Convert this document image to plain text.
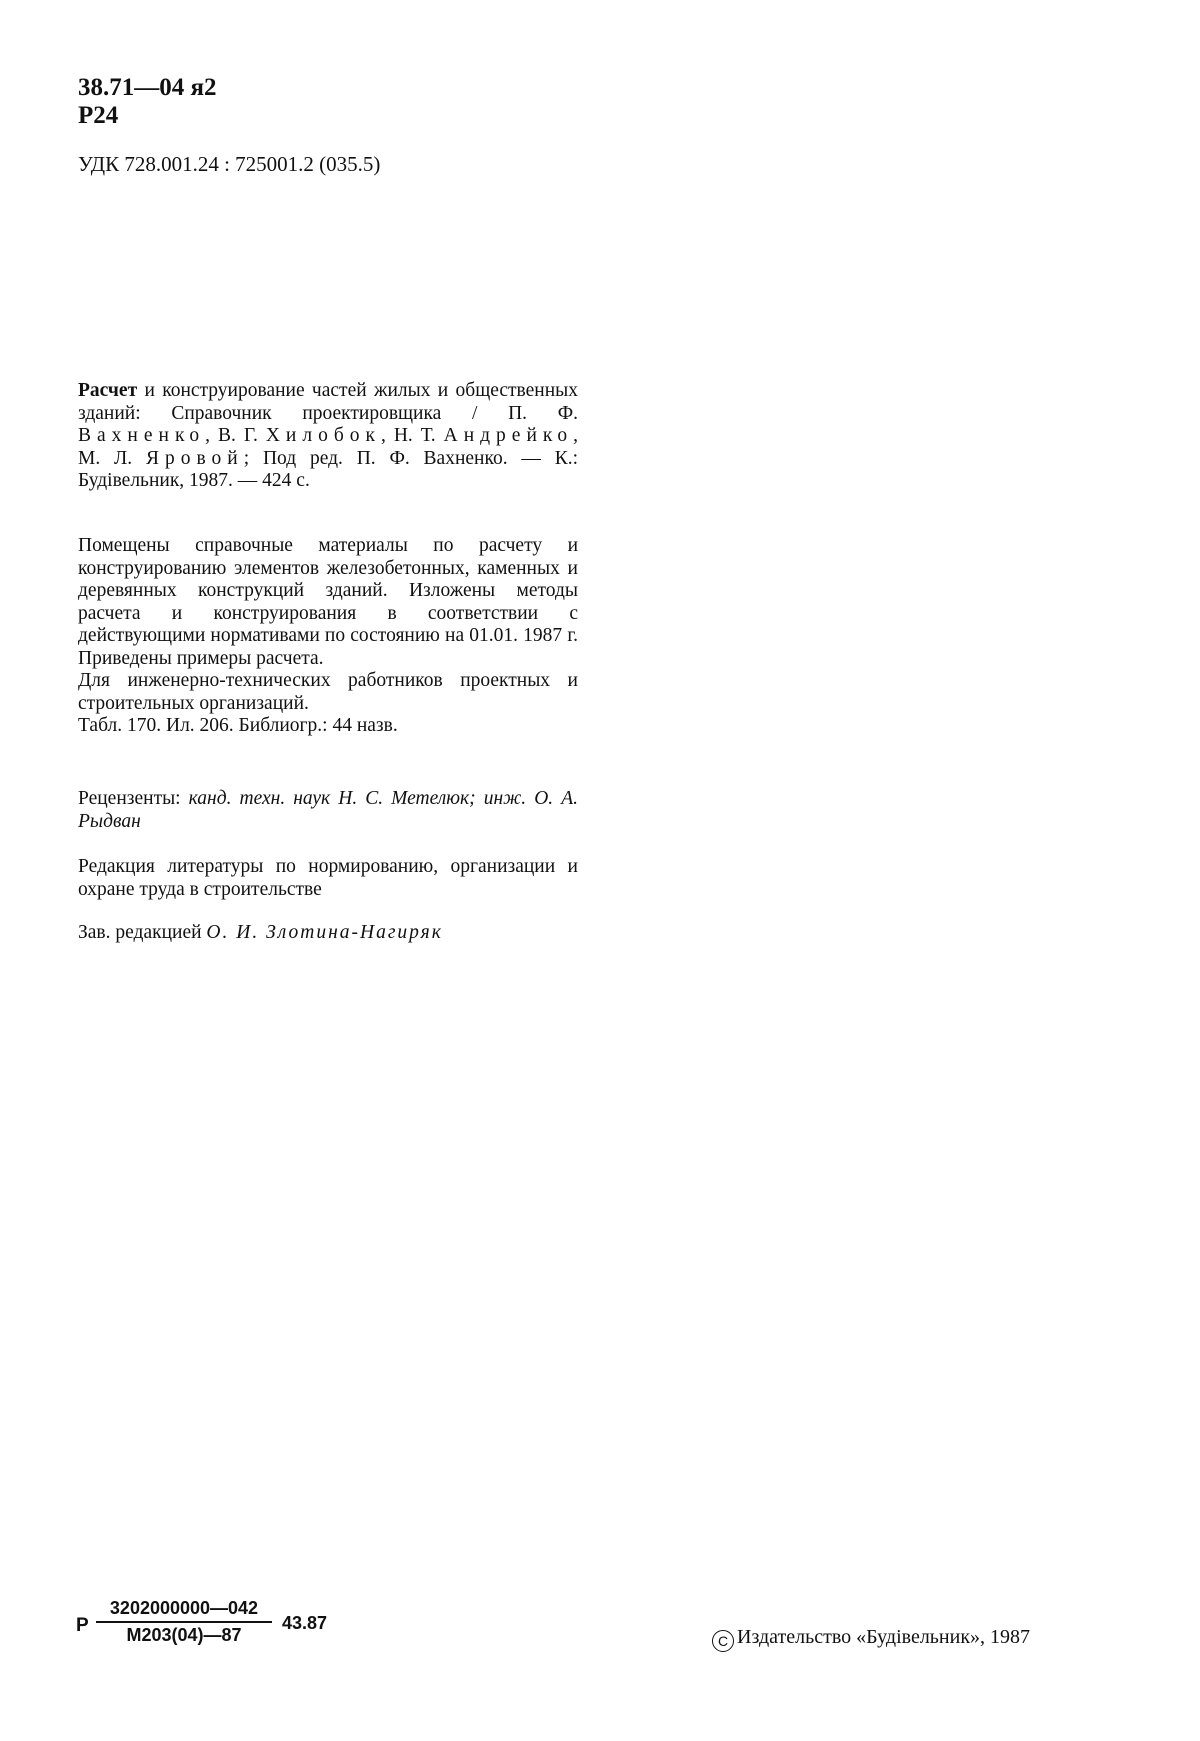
38.71—04 я2
Р24
УДК 728.001.24 : 725001.2 (035.5)
Расчет и конструирование частей жилых и общественных зданий: Справочник проектировщика / П. Ф. Вахненко, В. Г. Хилобок, Н. Т. Андрейко, М. Л. Яровой; Под ред. П. Ф. Вахненко. — К.: Будівельник, 1987. — 424 с.

Помещены справочные материалы по расчету и конструированию элементов железобетонных, каменных и деревянных конструкций зданий. Изложены методы расчета и конструирования в соответствии с действующими нормативами по состоянию на 01.01. 1987 г. Приведены примеры расчета.

Для инженерно-технических работников проектных и строительных организаций.

Табл. 170. Ил. 206. Библиогр.: 44 назв.

Рецензенты: канд. техн. наук Н. С. Метелюк; инж. О. А. Рыдван
Редакция литературы по нормированию, организации и охране труда в строительстве
Зав. редакцией О. И. Злотина-Нагиряк
Р
3202000000—042
М203(04)—87
43.87
C Издательство «Будівельник», 1987
